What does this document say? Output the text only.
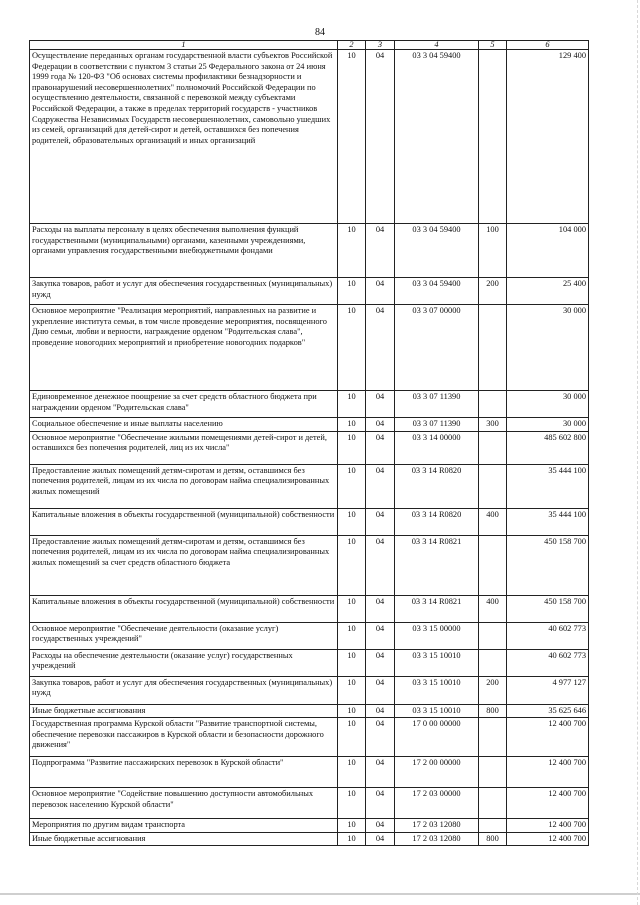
84
1	2	3	4	5	6
Осуществление переданных органам государственной власти субъектов Российской Федерации в соответствии с пунктом 3 статьи 25 Федерального закона от 24 июня 1999 года № 120-ФЗ "Об основах системы профилактики безнадзорности и правонарушений несовершеннолетних" полномочий Российской Федерации по осуществлению деятельности, связанной с перевозкой между субъектами Российской Федерации, а также в пределах территорий государств - участников Содружества Независимых Государств несовершеннолетних, самовольно ушедших из семей, организаций для детей-сирот и детей, оставшихся без попечения родителей, образовательных организаций и иных организаций	10	04	03 3 04 59400		129 400
Расходы на выплаты персоналу в целях обеспечения выполнения функций государственными (муниципальными) органами, казенными учреждениями, органами управления государственными внебюджетными фондами	10	04	03 3 04 59400	100	104 000
Закупка товаров, работ и услуг для обеспечения государственных (муниципальных) нужд	10	04	03 3 04 59400	200	25 400
Основное мероприятие "Реализация мероприятий, направленных на развитие и укрепление института семьи, в том числе проведение мероприятия, посвященного Дню семьи, любви и верности, награждение орденом "Родительская слава", проведение новогодних мероприятий и приобретение новогодних подарков"	10	04	03 3 07 00000		30 000
Единовременное денежное поощрение за счет средств областного бюджета при награждении орденом "Родительская слава"	10	04	03 3 07 11390		30 000
Социальное обеспечение и иные выплаты населению	10	04	03 3 07 11390	300	30 000
Основное мероприятие "Обеспечение жилыми помещениями детей-сирот и детей, оставшихся без попечения родителей, лиц из их числа"	10	04	03 3 14 00000		485 602 800
Предоставление жилых помещений детям-сиротам и детям, оставшимся без попечения родителей, лицам из их числа по договорам найма специализированных жилых помещений	10	04	03 3 14 R0820		35 444 100
Капитальные вложения в объекты государственной (муниципальной) собственности	10	04	03 3 14 R0820	400	35 444 100
Предоставление жилых помещений детям-сиротам и детям, оставшимся без попечения родителей, лицам из их числа по договорам найма специализированных жилых помещений за счет средств областного бюджета	10	04	03 3 14 R0821		450 158 700
Капитальные вложения в объекты государственной (муниципальной) собственности	10	04	03 3 14 R0821	400	450 158 700
Основное мероприятие "Обеспечение деятельности (оказание услуг) государственных учреждений"	10	04	03 3 15 00000		40 602 773
Расходы на обеспечение деятельности (оказание услуг) государственных учреждений	10	04	03 3 15 10010		40 602 773
Закупка товаров, работ и услуг для обеспечения государственных (муниципальных) нужд	10	04	03 3 15 10010	200	4 977 127
Иные бюджетные ассигнования	10	04	03 3 15 10010	800	35 625 646
Государственная программа Курской области "Развитие транспортной системы, обеспечение перевозки пассажиров в Курской области и безопасности дорожного движения"	10	04	17 0 00 00000		12 400 700
Подпрограмма "Развитие пассажирских перевозок в Курской области"	10	04	17 2 00 00000		12 400 700
Основное мероприятие "Содействие повышению доступности автомобильных перевозок населению Курской области"	10	04	17 2 03 00000		12 400 700
Мероприятия по другим видам транспорта	10	04	17 2 03 12080		12 400 700
Иные бюджетные ассигнования	10	04	17 2 03 12080	800	12 400 700
